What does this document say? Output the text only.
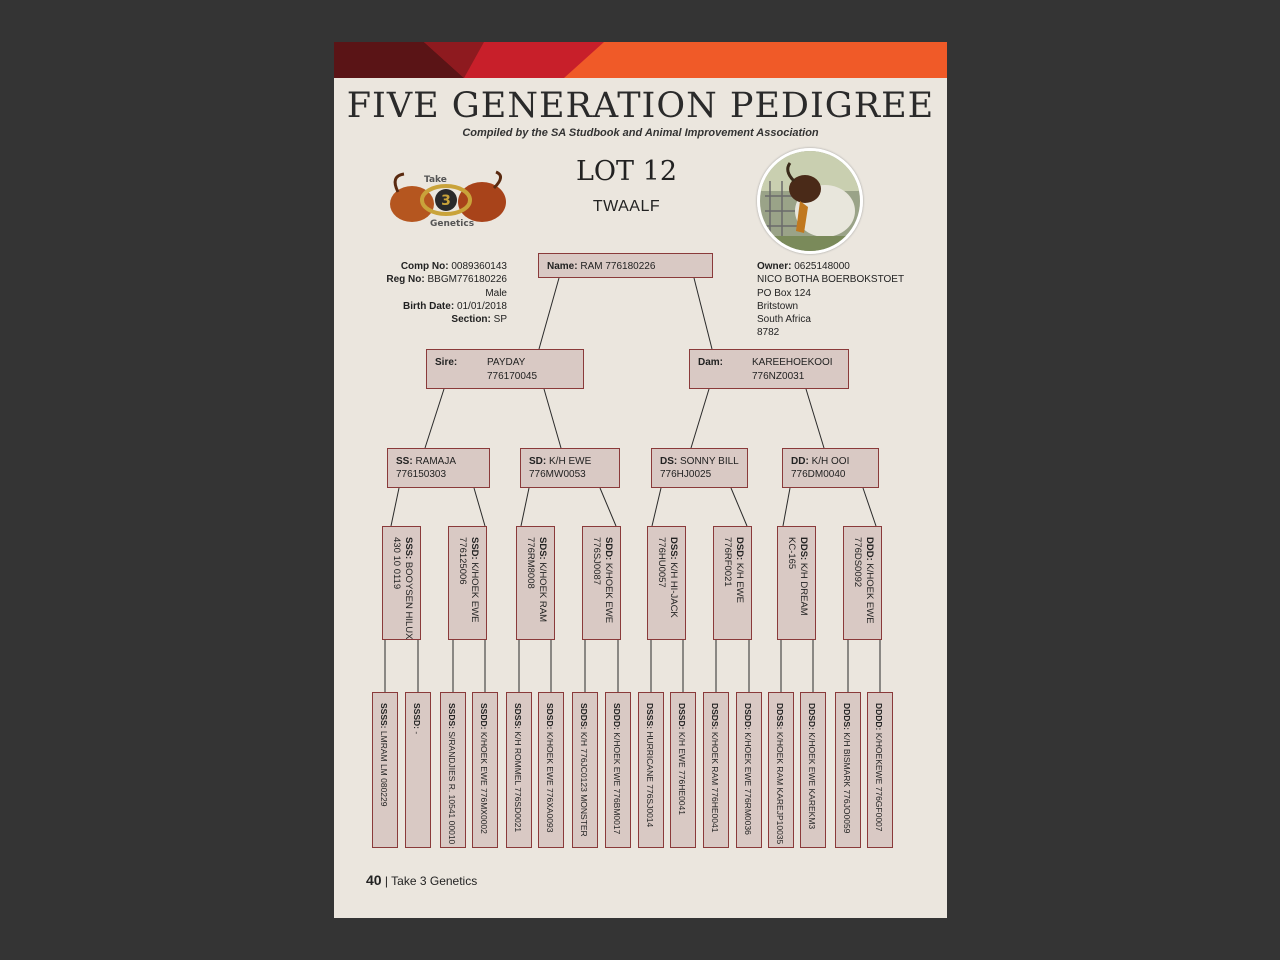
FIVE GENERATION PEDIGREE
Compiled by the SA Studbook and Animal Improvement Association
LOT 12
TWAALF
3
Take
Genetics
Comp No: 0089360143
Reg No: BBGM776180226
Male
Birth Date: 01/01/2018
Section: SP
Owner: 0625148000
NICO BOTHA BOERBOKSTOET
PO Box 124
Britstown
South Africa
8782
Name: RAM 776180226
Sire:	PAYDAY
776170045
Dam:	KAREEHOEKOOI
776NZ0031
SS: RAMAJA
776150303
SD: K/H EWE
776MW0053
DS: SONNY BILL
776HJ0025
DD: K/H OOI
776DM0040
40 | Take 3 Genetics
SSS: BOOYSEN HILUX
430 10 0119	SSD: K/HOEK EWE
776125006	SDS: K/HOEK RAM
776RM8008	SDD: K/HOEK EWE
776SJ0087	DSS: K/H HI-JACK
776HU0057	DSD: K/H EWE
776RF0021	DDS: K/H DREAM
KC-165	DDD: K/HOEK EWE
776DS0092
SSSS: LMRAM LM 080229
SSSD: -
SSDS: S/RANDJIES R. 10541 00010
SSDD: K/HOEK EWE 776MX0002
SDSS: K/H ROMMEL 776SD0021
SDSD: K/HOEK EWE 776XA0093
SDDS: K/H 776JC0123 MONSTER
SDDD: K/HOEK EWE 776BM0017
DSSS: HURRICANE 776SJ0014
DSSD: K/H EWE 776HE0041
DSDS: K/HOEK RAM 776HE0041
DSDD: K/HOEK EWE 776RM0036
DDSS: K/HOEK RAM KAREJP10035
DDSD: K/HOEK EWE KAREKM3
DDDS: K/H BISMARK 776JO0059
DDDD: K/HOEKEWE 776GF0007
